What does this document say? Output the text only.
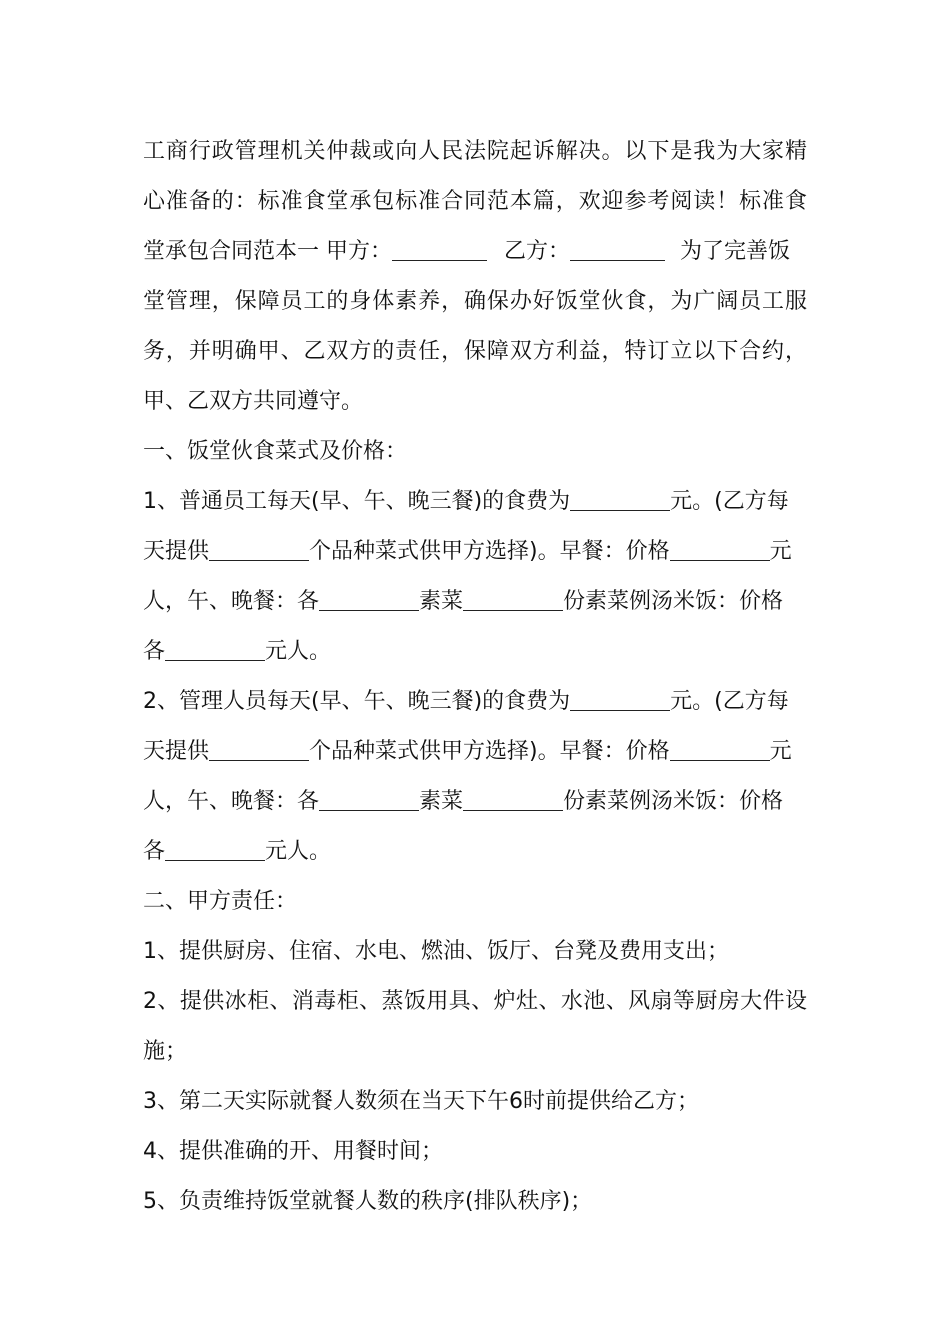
工商行政管理机关仲裁或向人民法院起诉解决。以下是我为大家精
心准备的：标准食堂承包标准合同范本篇，欢迎参考阅读！标准食
堂承包合同范本一 甲方：	乙方：	为了完善饭
堂管理，保障员工的身体素养，确保办好饭堂伙食，为广阔员工服
务，并明确甲、乙双方的责任，保障双方利益，特订立以下合约，
甲、乙双方共同遵守。
一、饭堂伙食菜式及价格：
1、普通员工每天(早、午、晚三餐)的食费为	元。(乙方每
天提供	个品种菜式供甲方选择)。早餐：价格	元
人，午、晚餐：各	素菜	份素菜例汤米饭：价格
各	元人。
2、管理人员每天(早、午、晚三餐)的食费为	元。(乙方每
天提供	个品种菜式供甲方选择)。早餐：价格	元
人，午、晚餐：各	素菜	份素菜例汤米饭：价格
各	元人。
二、甲方责任：
1、提供厨房、住宿、水电、燃油、饭厅、台凳及费用支出；
2、提供冰柜、消毒柜、蒸饭用具、炉灶、水池、风扇等厨房大件设
施；
3、第二天实际就餐人数须在当天下午6时前提供给乙方；
4、提供准确的开、用餐时间；
5、负责维持饭堂就餐人数的秩序(排队秩序)；
